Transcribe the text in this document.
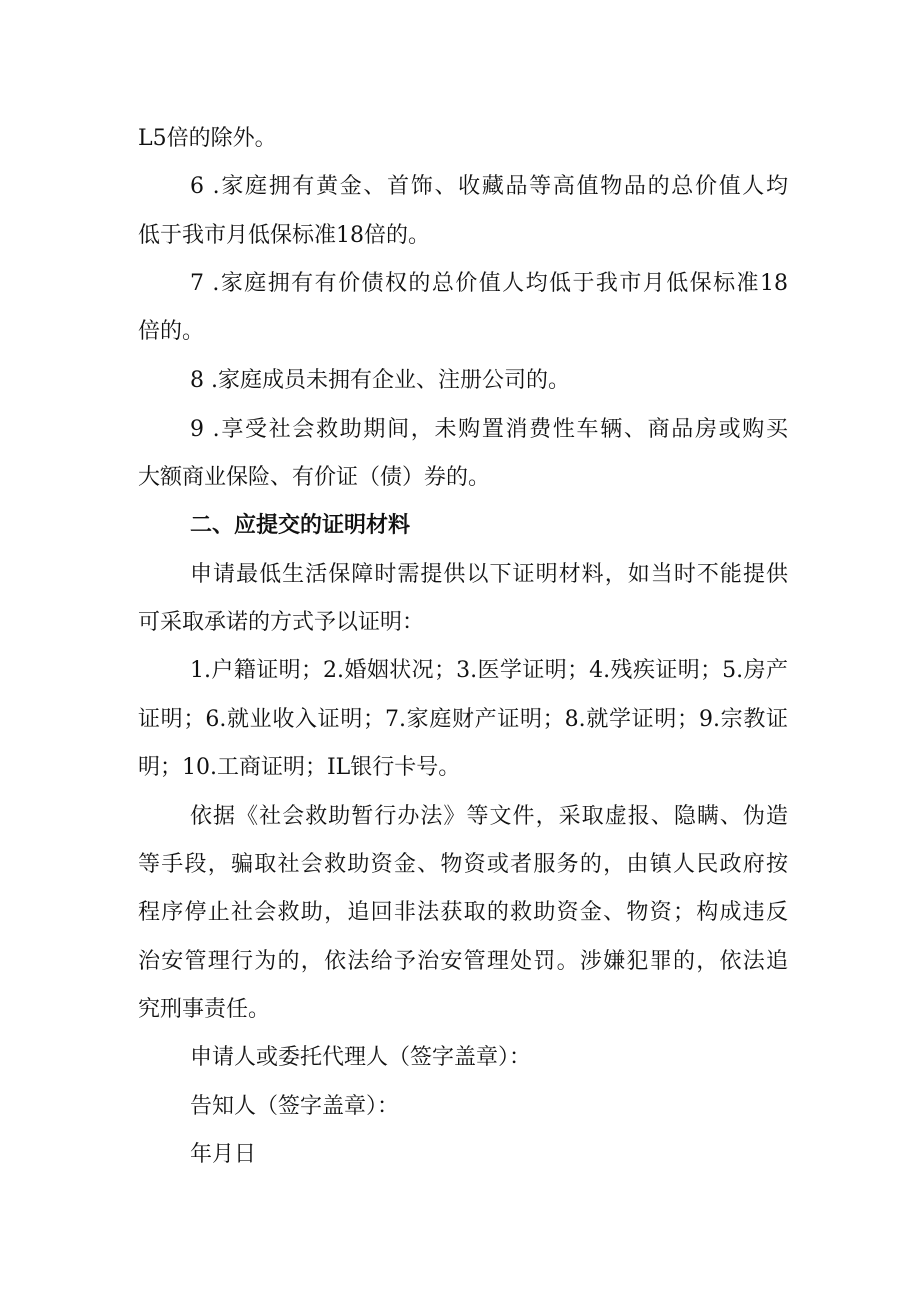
L5倍的除外。
6 .家庭拥有黄金、首饰、收藏品等高值物品的总价值人均
低于我市月低保标准18倍的。
7 .家庭拥有有价债权的总价值人均低于我市月低保标准18
倍的。
8 .家庭成员未拥有企业、注册公司的。
9 .享受社会救助期间，未购置消费性车辆、商品房或购买
大额商业保险、有价证（债）券的。
二、应提交的证明材料
申请最低生活保障时需提供以下证明材料，如当时不能提供
可采取承诺的方式予以证明：
1.户籍证明；2.婚姻状况；3.医学证明；4.残疾证明；5.房产
证明；6.就业收入证明；7.家庭财产证明；8.就学证明；9.宗教证
明；10.工商证明；IL银行卡号。
依据《社会救助暂行办法》等文件，采取虚报、隐瞒、伪造
等手段，骗取社会救助资金、物资或者服务的，由镇人民政府按
程序停止社会救助，追回非法获取的救助资金、物资；构成违反
治安管理行为的，依法给予治安管理处罚。涉嫌犯罪的，依法追
究刑事责任。
申请人或委托代理人（签字盖章）：
告知人（签字盖章）：
年月日
